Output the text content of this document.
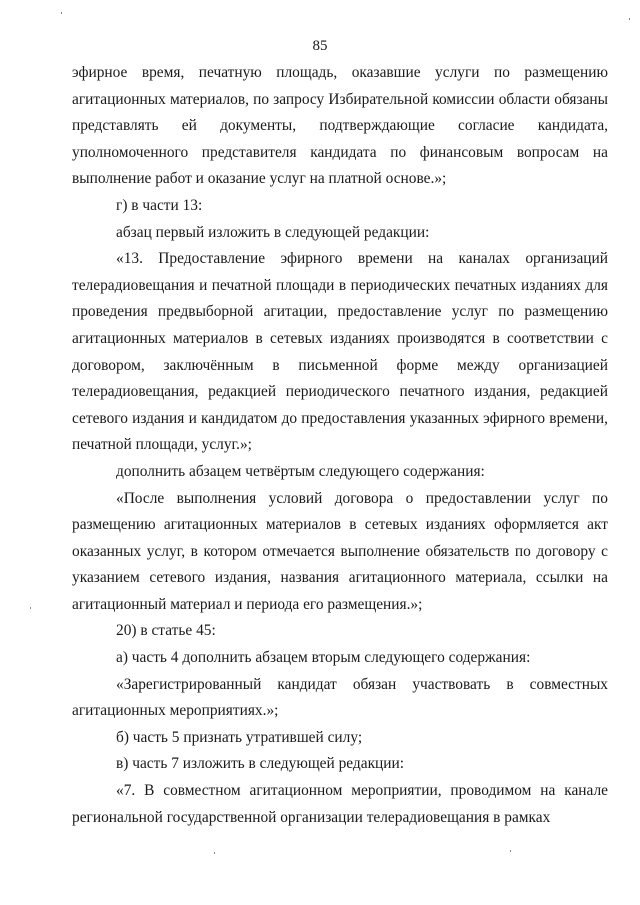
85

эфирное время, печатную площадь, оказавшие услуги по размещению агитационных материалов, по запросу Избирательной комиссии области обязаны представлять ей документы, подтверждающие согласие кандидата, уполномоченного представителя кандидата по финансовым вопросам на выполнение работ и оказание услуг на платной основе.»;

г) в части 13:

абзац первый изложить в следующей редакции:

«13. Предоставление эфирного времени на каналах организаций телерадиовещания и печатной площади в периодических печатных изданиях для проведения предвыборной агитации, предоставление услуг по размещению агитационных материалов в сетевых изданиях производятся в соответствии с договором, заключённым в письменной форме между организацией телерадиовещания, редакцией периодического печатного издания, редакцией сетевого издания и кандидатом до предоставления указанных эфирного времени, печатной площади, услуг.»;

дополнить абзацем четвёртым следующего содержания:

«После выполнения условий договора о предоставлении услуг по размещению агитационных материалов в сетевых изданиях оформляется акт оказанных услуг, в котором отмечается выполнение обязательств по договору с указанием сетевого издания, названия агитационного материала, ссылки на агитационный материал и периода его размещения.»;

20) в статье 45:

а) часть 4 дополнить абзацем вторым следующего содержания:

«Зарегистрированный кандидат обязан участвовать в совместных агитационных мероприятиях.»;

б) часть 5 признать утратившей силу;

в) часть 7 изложить в следующей редакции:

«7. В совместном агитационном мероприятии, проводимом на канале региональной государственной организации телерадиовещания в рамках
